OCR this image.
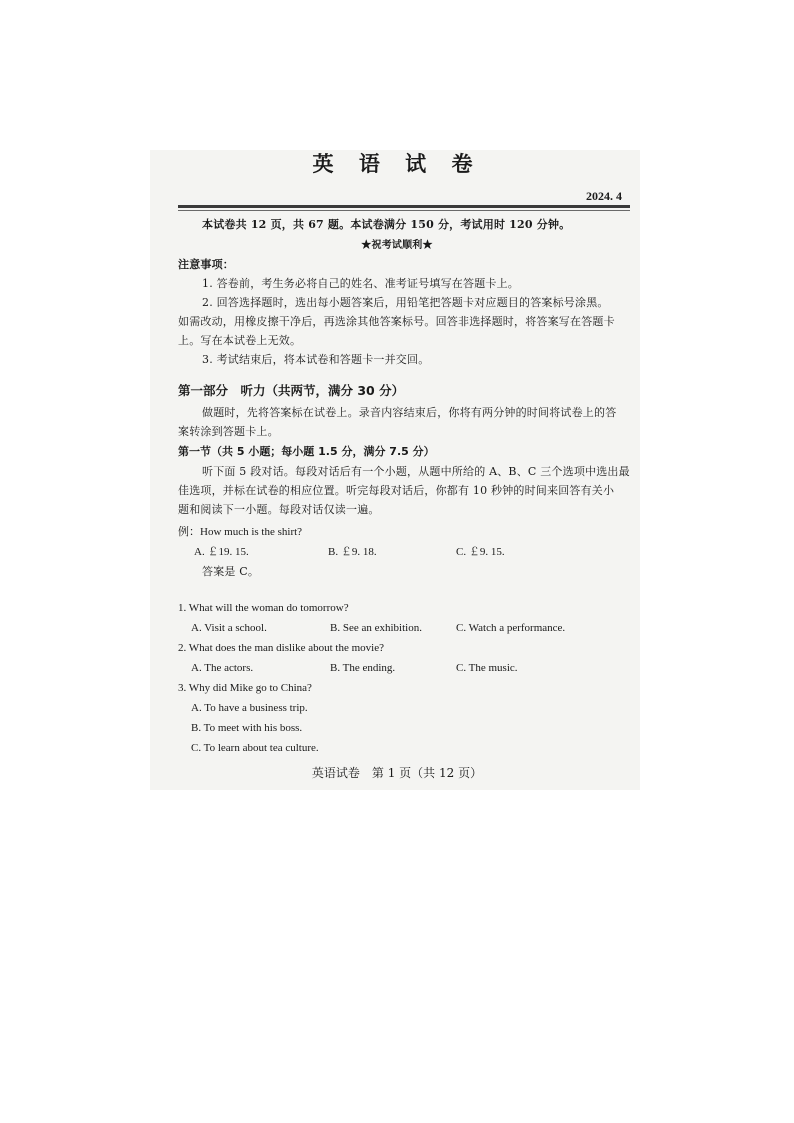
英 语 试 卷
2024. 4
本试卷共 12 页，共 67 题。本试卷满分 150 分，考试用时 120 分钟。
★祝考试顺利★
注意事项：
1. 答卷前，考生务必将自己的姓名、准考证号填写在答题卡上。
2. 回答选择题时，选出每小题答案后，用铅笔把答题卡对应题目的答案标号涂黑。
如需改动，用橡皮擦干净后，再选涂其他答案标号。回答非选择题时，将答案写在答题卡
上。写在本试卷上无效。
3. 考试结束后，将本试卷和答题卡一并交回。
第一部分　听力（共两节，满分 30 分）
做题时，先将答案标在试卷上。录音内容结束后，你将有两分钟的时间将试卷上的答
案转涂到答题卡上。
第一节（共 5 小题；每小题 1.5 分，满分 7.5 分）
听下面 5 段对话。每段对话后有一个小题，从题中所给的 A、B、C 三个选项中选出最
佳选项，并标在试卷的相应位置。听完每段对话后，你都有 10 秒钟的时间来回答有关小
题和阅读下一小题。每段对话仅读一遍。
例：How much is the shirt?
A. ￡19. 15.	B. ￡9. 18.	C. ￡9. 15.
答案是 C。
1. What will the woman do tomorrow?
A. Visit a school.	B. See an exhibition.	C. Watch a performance.
2. What does the man dislike about the movie?
A. The actors.	B. The ending.	C. The music.
3. Why did Mike go to China?
A. To have a business trip.
B. To meet with his boss.
C. To learn about tea culture.
英语试卷　第 1 页（共 12 页）
